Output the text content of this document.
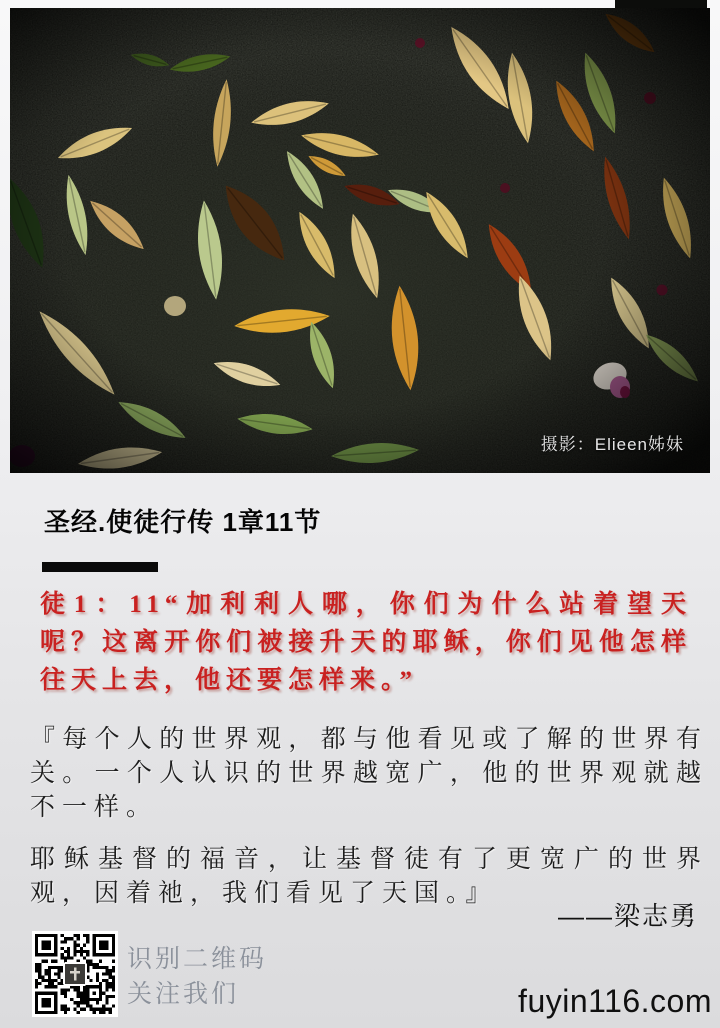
摄影：Elieen姊妹
圣经.使徒行传 1章11节
徒1：11“加利利人哪，你们为什么站着望天呢？这离开你们被接升天的耶稣，你们见他怎样往天上去，他还要怎样来。”

『每个人的世界观，都与他看见或了解的世界有关。一个人认识的世界越宽广，他的世界观就越不一样。

耶稣基督的福音，让基督徒有了更宽广的世界观，因着祂，我们看见了天国。』

——梁志勇
识别二维码
关注我们	fuyin116.com
